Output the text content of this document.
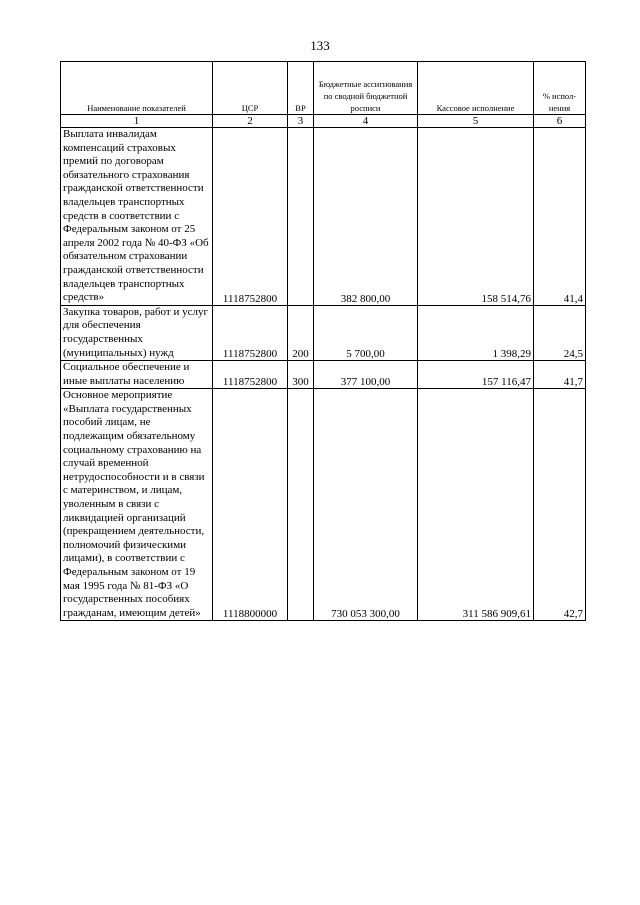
133
Наименование показателей	ЦСР	ВР	Бюджетные ассигнования по сводной бюджетной росписи	Кассовое исполнение	% испол-нения
1	2	3	4	5	6
Выплата инвалидам компенсаций страховых премий по договорам обязательного страхования гражданской ответственности владельцев транспортных средств в соответствии с Федеральным законом от 25 апреля 2002 года № 40-ФЗ «Об обязательном страховании гражданской ответственности владельцев транспортных средств»	1118752800		382 800,00	158 514,76	41,4
Закупка товаров, работ и услуг для обеспечения государственных (муниципальных) нужд	1118752800	200	5 700,00	1 398,29	24,5
Социальное обеспечение и иные выплаты населению	1118752800	300	377 100,00	157 116,47	41,7
Основное мероприятие «Выплата государственных пособий лицам, не подлежащим обязательному социальному страхованию на случай временной нетрудоспособности и в связи с материнством, и лицам, уволенным в связи с ликвидацией организаций (прекращением деятельности, полномочий физическими лицами), в соответствии с Федеральным законом от 19 мая 1995 года № 81-ФЗ «О государственных пособиях гражданам, имеющим детей»	1118800000		730 053 300,00	311 586 909,61	42,7
